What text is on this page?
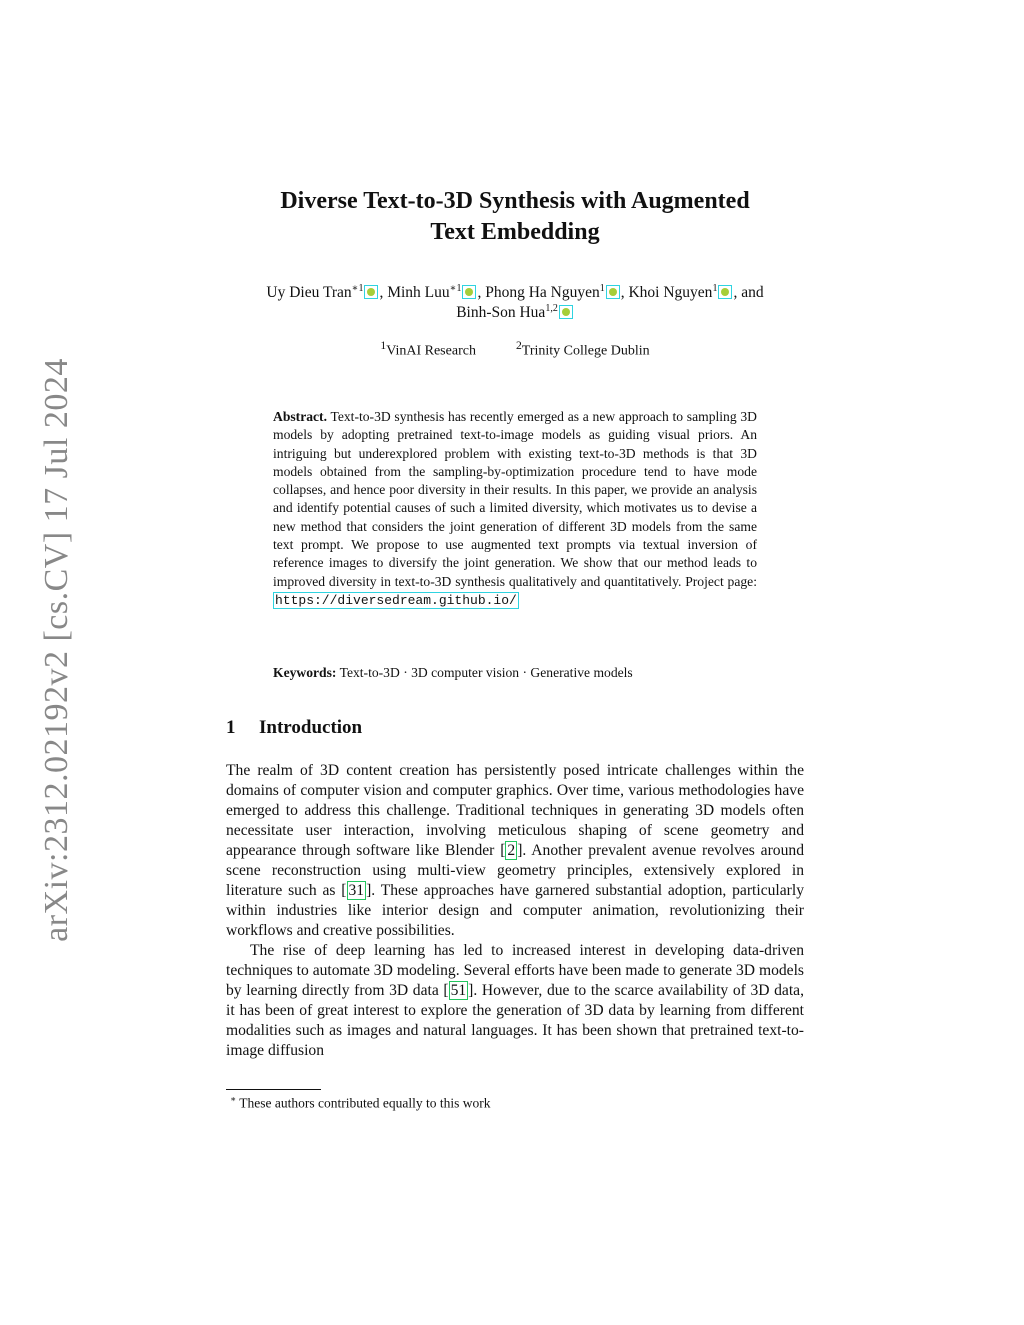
arXiv:2312.02192v2 [cs.CV] 17 Jul 2024
Diverse Text-to-3D Synthesis with Augmented
Text Embedding
Uy Dieu Tran$^{∗1}$ , Minh Luu$^{∗1}$ , Phong Ha Nguyen$^1$ , Khoi Nguyen$^1$ , and
Binh-Son Hua$^{1,2}$
$^1$VinAI Research	$^2$Trinity College Dublin
Abstract. Text-to-3D synthesis has recently emerged as a new approach to sampling 3D models by adopting pretrained text-to-image models as guiding visual priors. An intriguing but underexplored problem with existing text-to-3D methods is that 3D models obtained from the sampling-by-optimization procedure tend to have mode collapses, and hence poor diversity in their results. In this paper, we provide an analysis and identify potential causes of such a limited diversity, which motivates us to devise a new method that considers the joint generation of different 3D models from the same text prompt. We propose to use augmented text prompts via textual inversion of reference images to diversify the joint generation. We show that our method leads to improved diversity in text-to-3D synthesis qualitatively and quantitatively. Project page: https://diversedream.github.io/
Keywords: Text-to-3D · 3D computer vision · Generative models
1 Introduction

The realm of 3D content creation has persistently posed intricate challenges within the domains of computer vision and computer graphics. Over time, various methodologies have emerged to address this challenge. Traditional techniques in generating 3D models often necessitate user interaction, involving meticulous shaping of scene geometry and appearance through software like Blender [ 2 ]. Another prevalent avenue revolves around scene reconstruction using multi-view geometry principles, extensively explored in literature such as [ 31 ]. These approaches have garnered substantial adoption, particularly within industries like interior design and computer animation, revolutionizing their workflows and creative possibilities.

The rise of deep learning has led to increased interest in developing data-driven techniques to automate 3D modeling. Several efforts have been made to generate 3D models by learning directly from 3D data [ 51 ]. However, due to the scarce availability of 3D data, it has been of great interest to explore the generation of 3D data by learning from different modalities such as images and natural languages. It has been shown that pretrained text-to-image diffusion

∗ These authors contributed equally to this work
